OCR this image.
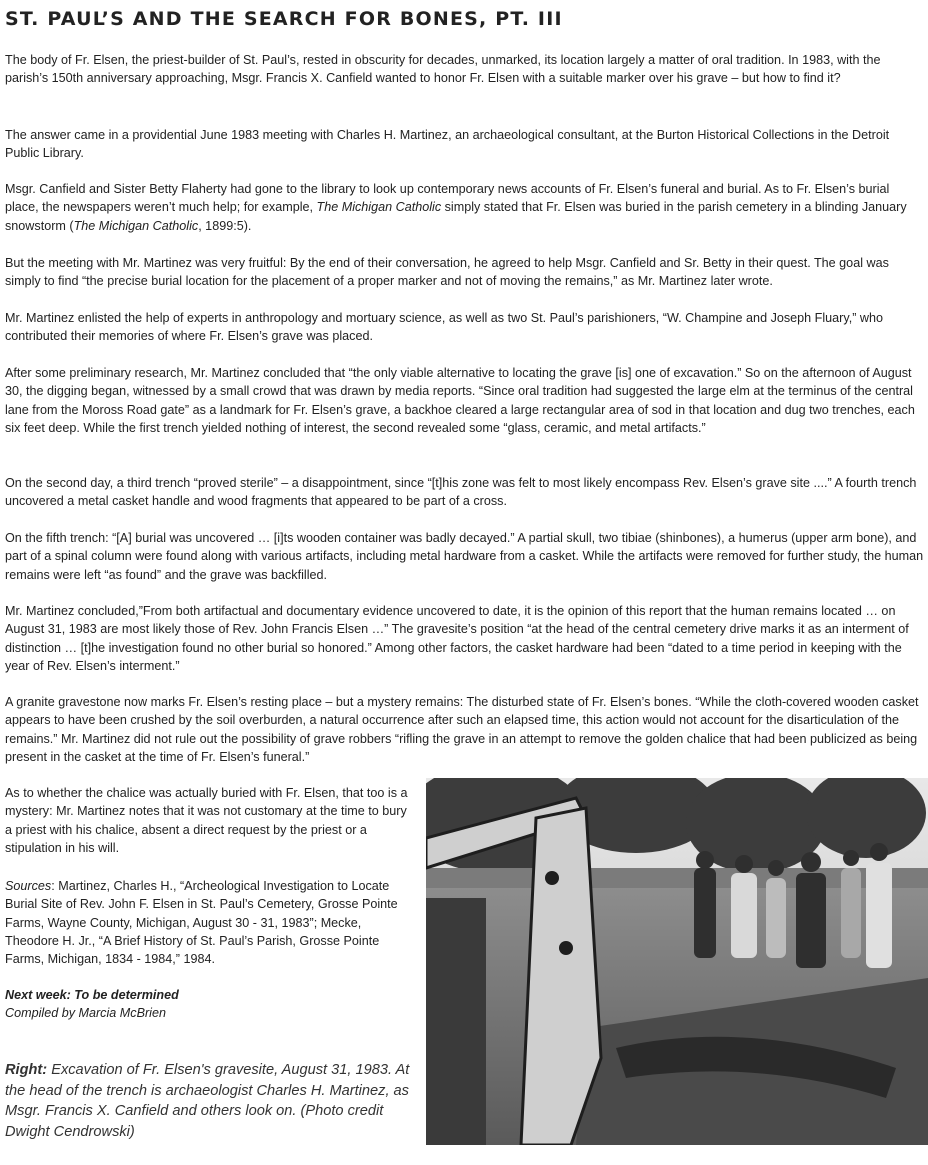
ST. PAUL’S AND THE SEARCH FOR BONES, PT. III

The body of Fr. Elsen, the priest-builder of St. Paul’s, rested in obscurity for decades, unmarked, its location largely a matter of oral tradition. In 1983, with the parish’s 150th anniversary approaching, Msgr. Francis X. Canfield wanted to honor Fr. Elsen with a suitable marker over his grave – but how to find it?

The answer came in a providential June 1983 meeting with Charles H. Martinez, an archaeological consultant, at the Burton Historical Collections in the Detroit Public Library.

Msgr. Canfield and Sister Betty Flaherty had gone to the library to look up contemporary news accounts of Fr. Elsen’s funeral and burial. As to Fr. Elsen’s burial place, the newspapers weren’t much help; for example, The Michigan Catholic simply stated that Fr. Elsen was buried in the parish cemetery in a blinding January snowstorm (The Michigan Catholic, 1899:5).

But the meeting with Mr. Martinez was very fruitful: By the end of their conversation, he agreed to help Msgr. Canfield and Sr. Betty in their quest. The goal was simply to find “the precise burial location for the placement of a proper marker and not of moving the remains,” as Mr. Martinez later wrote.

Mr. Martinez enlisted the help of experts in anthropology and mortuary science, as well as two St. Paul’s parishioners, “W. Champine and Joseph Fluary,” who contributed their memories of where Fr. Elsen’s grave was placed.

After some preliminary research, Mr. Martinez concluded that “the only viable alternative to locating the grave [is] one of excavation.” So on the afternoon of August 30, the digging began, witnessed by a small crowd that was drawn by media reports. “Since oral tradition had suggested the large elm at the terminus of the central lane from the Moross Road gate” as a landmark for Fr. Elsen’s grave, a backhoe cleared a large rectangular area of sod in that location and dug two trenches, each six feet deep. While the first trench yielded nothing of interest, the second revealed some “glass, ceramic, and metal artifacts.”

On the second day, a third trench “proved sterile” – a disappointment, since “[t]his zone was felt to most likely encompass Rev. Elsen’s grave site ....” A fourth trench uncovered a metal casket handle and wood fragments that appeared to be part of a cross.

On the fifth trench: “[A] burial was uncovered … [i]ts wooden container was badly decayed.” A partial skull, two tibiae (shinbones), a humerus (upper arm bone), and part of a spinal column were found along with various artifacts, including metal hardware from a casket. While the artifacts were removed for further study, the human remains were left “as found” and the grave was backfilled.

Mr. Martinez concluded,”From both artifactual and documentary evidence uncovered to date, it is the opinion of this report that the human remains located … on August 31, 1983 are most likely those of Rev. John Francis Elsen …” The gravesite’s position “at the head of the central cemetery drive marks it as an interment of distinction … [t]he investigation found no other burial so honored.” Among other factors, the casket hardware had been “dated to a time period in keeping with the year of Rev. Elsen’s interment.”

A granite gravestone now marks Fr. Elsen’s resting place – but a mystery remains: The disturbed state of Fr. Elsen’s bones. “While the cloth-covered wooden casket appears to have been crushed by the soil overburden, a natural occurrence after such an elapsed time, this action would not account for the disarticulation of the remains.” Mr. Martinez did not rule out the possibility of grave robbers “rifling the grave in an attempt to remove the golden chalice that had been publicized as being present in the casket at the time of Fr. Elsen’s funeral.”

As to whether the chalice was actually buried with Fr. Elsen, that too is a mystery: Mr. Martinez notes that it was not customary at the time to bury a priest with his chalice, absent a direct request by the priest or a stipulation in his will.

Sources: Martinez, Charles H., “Archeological Investigation to Locate Burial Site of Rev. John F. Elsen in St. Paul’s Cemetery, Grosse Pointe Farms, Wayne County, Michigan, August 30 - 31, 1983”; Mecke, Theodore H. Jr., “A Brief History of St. Paul’s Parish, Grosse Pointe Farms, Michigan, 1834 - 1984,” 1984.

Next week: To be determined

Compiled by Marcia McBrien

Right: Excavation of Fr. Elsen's gravesite, August 31, 1983. At the head of the trench is archaeologist Charles H. Martinez, as Msgr. Francis X. Canfield and others look on. (Photo credit Dwight Cendrowski)
